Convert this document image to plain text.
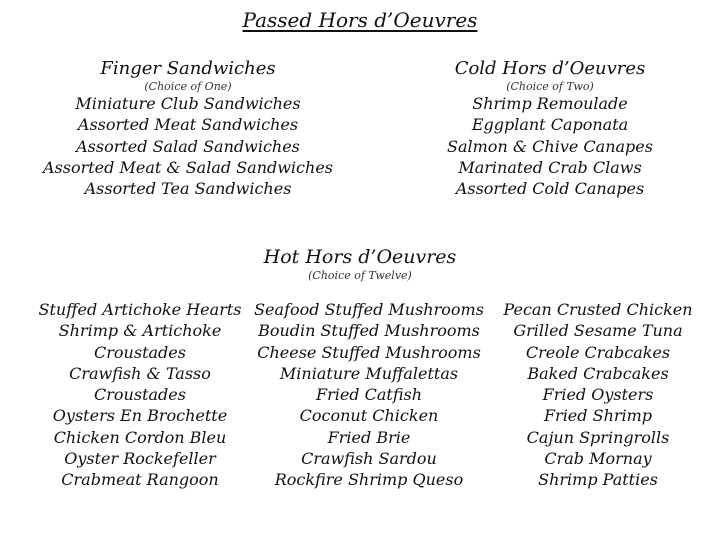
Passed Hors d’Oeuvres
Finger Sandwiches
(Choice of One)
Miniature Club Sandwiches
Assorted Meat Sandwiches
Assorted Salad Sandwiches
Assorted Meat & Salad Sandwiches
Assorted Tea Sandwiches
Cold Hors d’Oeuvres
(Choice of Two)
Shrimp Remoulade
Eggplant Caponata
Salmon & Chive Canapes
Marinated Crab Claws
Assorted Cold Canapes
Hot Hors d’Oeuvres
(Choice of Twelve)
Stuffed Artichoke Hearts
Shrimp & Artichoke
Croustades
Crawfish & Tasso
Croustades
Oysters En Brochette
Chicken Cordon Bleu
Oyster Rockefeller
Crabmeat Rangoon
Seafood Stuffed Mushrooms
Boudin Stuffed Mushrooms
Cheese Stuffed Mushrooms
Miniature Muffalettas
Fried Catfish
Coconut Chicken
Fried Brie
Crawfish Sardou
Rockfire Shrimp Queso
Pecan Crusted Chicken
Grilled Sesame Tuna
Creole Crabcakes
Baked Crabcakes
Fried Oysters
Fried Shrimp
Cajun Springrolls
Crab Mornay
Shrimp Patties
